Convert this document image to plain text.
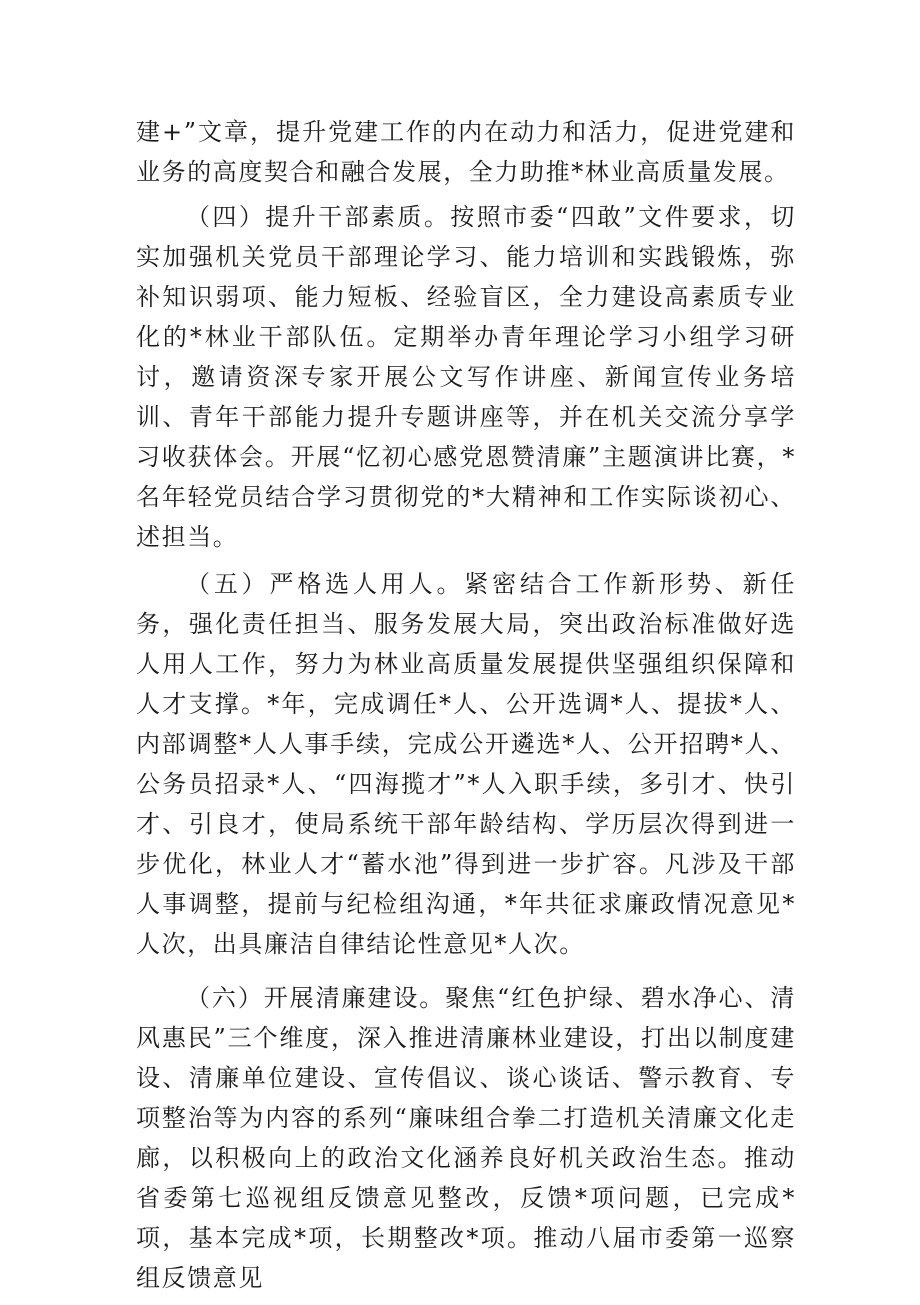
建+”文章，提升党建工作的内在动力和活力，促进党建和业务的高度契合和融合发展，全力助推*林业高质量发展。

（四）提升干部素质。按照市委“四敢”文件要求，切实加强机关党员干部理论学习、能力培训和实践锻炼，弥补知识弱项、能力短板、经验盲区，全力建设高素质专业化的*林业干部队伍。定期举办青年理论学习小组学习研讨，邀请资深专家开展公文写作讲座、新闻宣传业务培训、青年干部能力提升专题讲座等，并在机关交流分享学习收获体会。开展“忆初心感党恩赞清廉”主题演讲比赛，*名年轻党员结合学习贯彻党的*大精神和工作实际谈初心、述担当。

（五）严格选人用人。紧密结合工作新形势、新任务，强化责任担当、服务发展大局，突出政治标准做好选人用人工作，努力为林业高质量发展提供坚强组织保障和人才支撑。*年，完成调任*人、公开选调*人、提拔*人、内部调整*人人事手续，完成公开遴选*人、公开招聘*人、公务员招录*人、“四海揽才”*人入职手续，多引才、快引才、引良才，使局系统干部年龄结构、学历层次得到进一步优化，林业人才“蓄水池”得到进一步扩容。凡涉及干部人事调整，提前与纪检组沟通，*年共征求廉政情况意见*人次，出具廉洁自律结论性意见*人次。

（六）开展清廉建设。聚焦“红色护绿、碧水净心、清风惠民”三个维度，深入推进清廉林业建设，打出以制度建设、清廉单位建设、宣传倡议、谈心谈话、警示教育、专项整治等为内容的系列“廉味组合拳二打造机关清廉文化走廊，以积极向上的政治文化涵养良好机关政治生态。推动省委第七巡视组反馈意见整改，反馈*项问题，已完成*项，基本完成*项，长期整改*项。推动八届市委第一巡察组反馈意见
